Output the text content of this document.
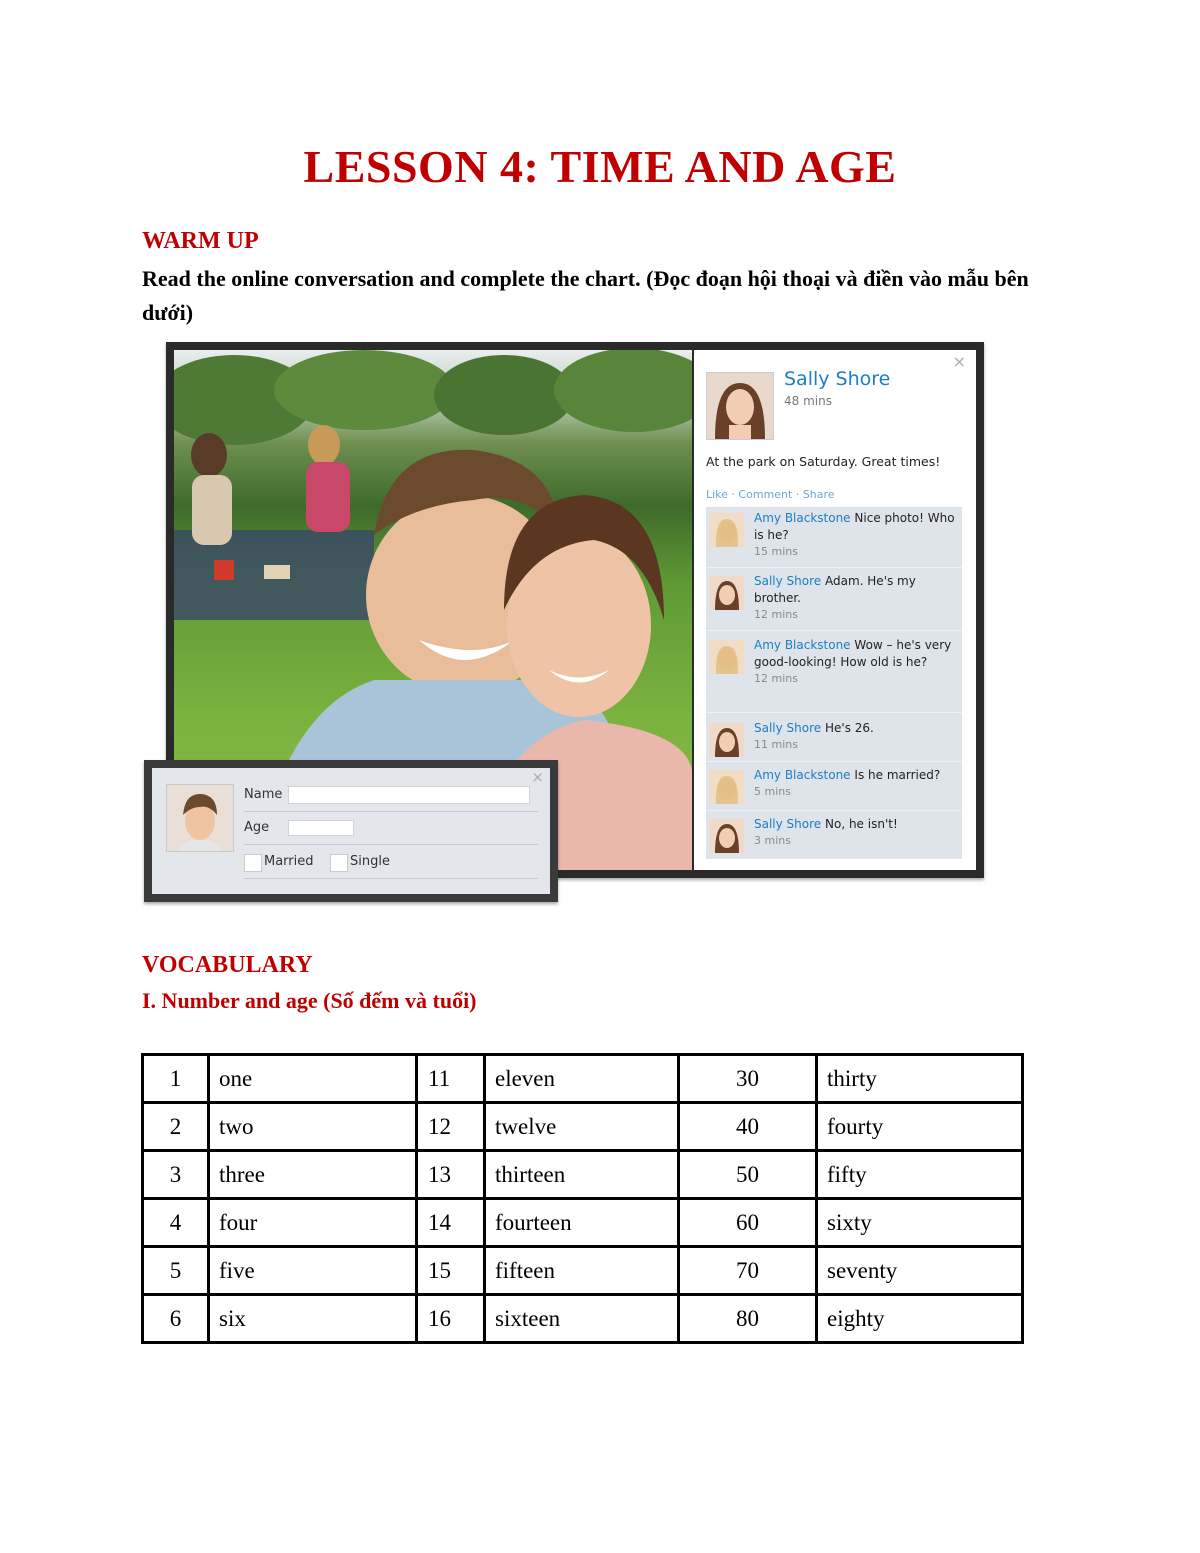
LESSON 4: TIME AND AGE
WARM UP
Read the online conversation and complete the chart. (Đọc đoạn hội thoại và điền vào mẫu bên dưới)
×
Sally Shore
48 mins
At the park on Saturday. Great times!
Like · Comment · Share
Amy Blackstone Nice photo! Who is he?
15 mins
Sally Shore Adam. He's my brother.
12 mins
Amy Blackstone Wow – he's very good-looking! How old is he?
12 mins
Sally Shore He's 26.
11 mins
Amy Blackstone Is he married?
5 mins
Sally Shore No, he isn't!
3 mins
×
Name
Age
Married	Single
VOCABULARY
I. Number and age (Số đếm và tuổi)
1	one	11	eleven	30	thirty
2	two	12	twelve	40	fourty
3	three	13	thirteen	50	fifty
4	four	14	fourteen	60	sixty
5	five	15	fifteen	70	seventy
6	six	16	sixteen	80	eighty
